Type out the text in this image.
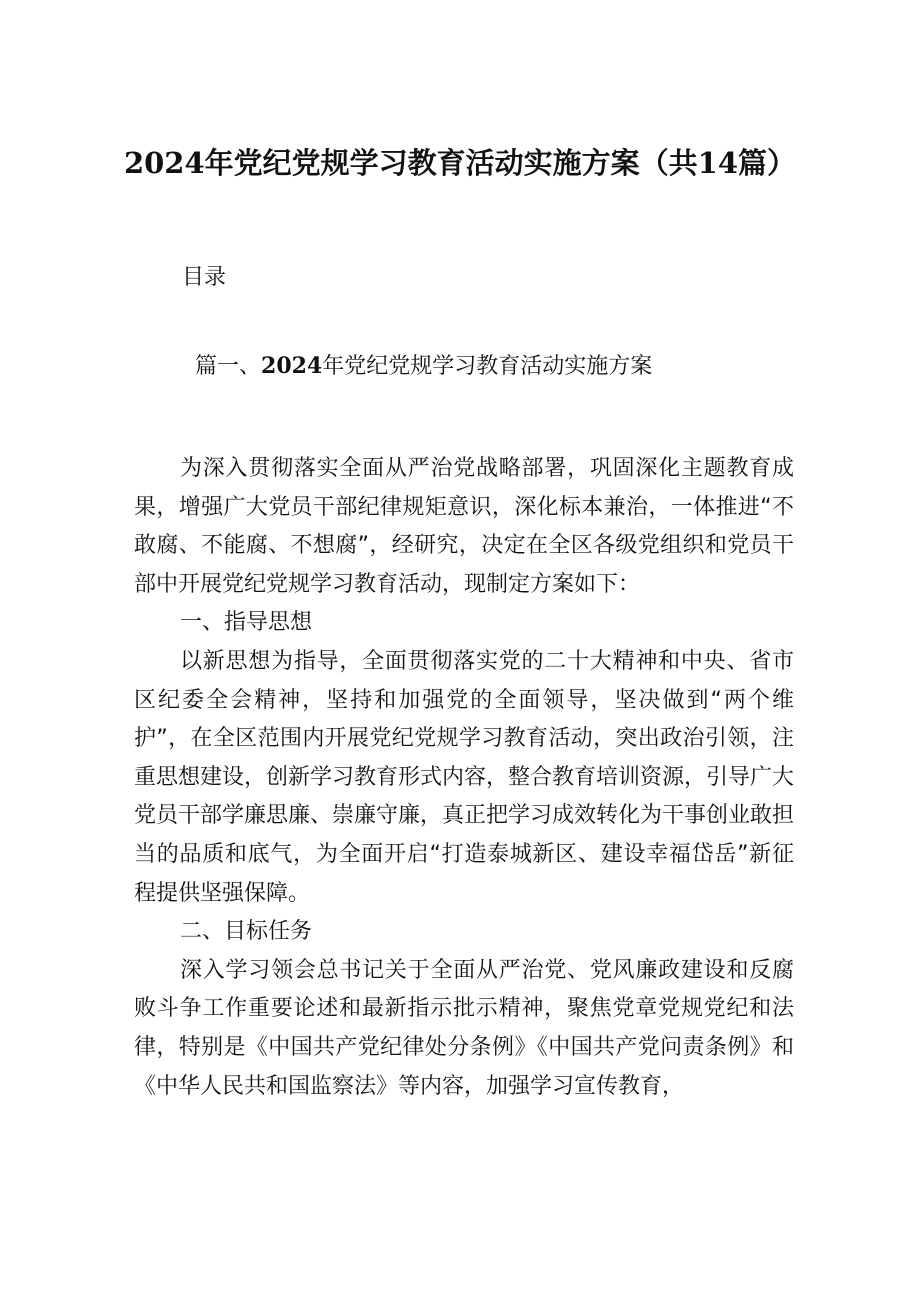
2024年党纪党规学习教育活动实施方案（共14篇）

目录

篇一、2024年党纪党规学习教育活动实施方案

为深入贯彻落实全面从严治党战略部署，巩固深化主题教育成果，增强广大党员干部纪律规矩意识，深化标本兼治，一体推进“不敢腐、不能腐、不想腐”，经研究，决定在全区各级党组织和党员干部中开展党纪党规学习教育活动，现制定方案如下：

一、指导思想

以新思想为指导，全面贯彻落实党的二十大精神和中央、省市区纪委全会精神，坚持和加强党的全面领导，坚决做到“两个维护”，在全区范围内开展党纪党规学习教育活动，突出政治引领，注重思想建设，创新学习教育形式内容，整合教育培训资源，引导广大党员干部学廉思廉、崇廉守廉，真正把学习成效转化为干事创业敢担当的品质和底气，为全面开启“打造泰城新区、建设幸福岱岳”新征程提供坚强保障。

二、目标任务

深入学习领会总书记关于全面从严治党、党风廉政建设和反腐败斗争工作重要论述和最新指示批示精神，聚焦党章党规党纪和法律，特别是《中国共产党纪律处分条例》《中国共产党问责条例》和《中华人民共和国监察法》等内容，加强学习宣传教育，
